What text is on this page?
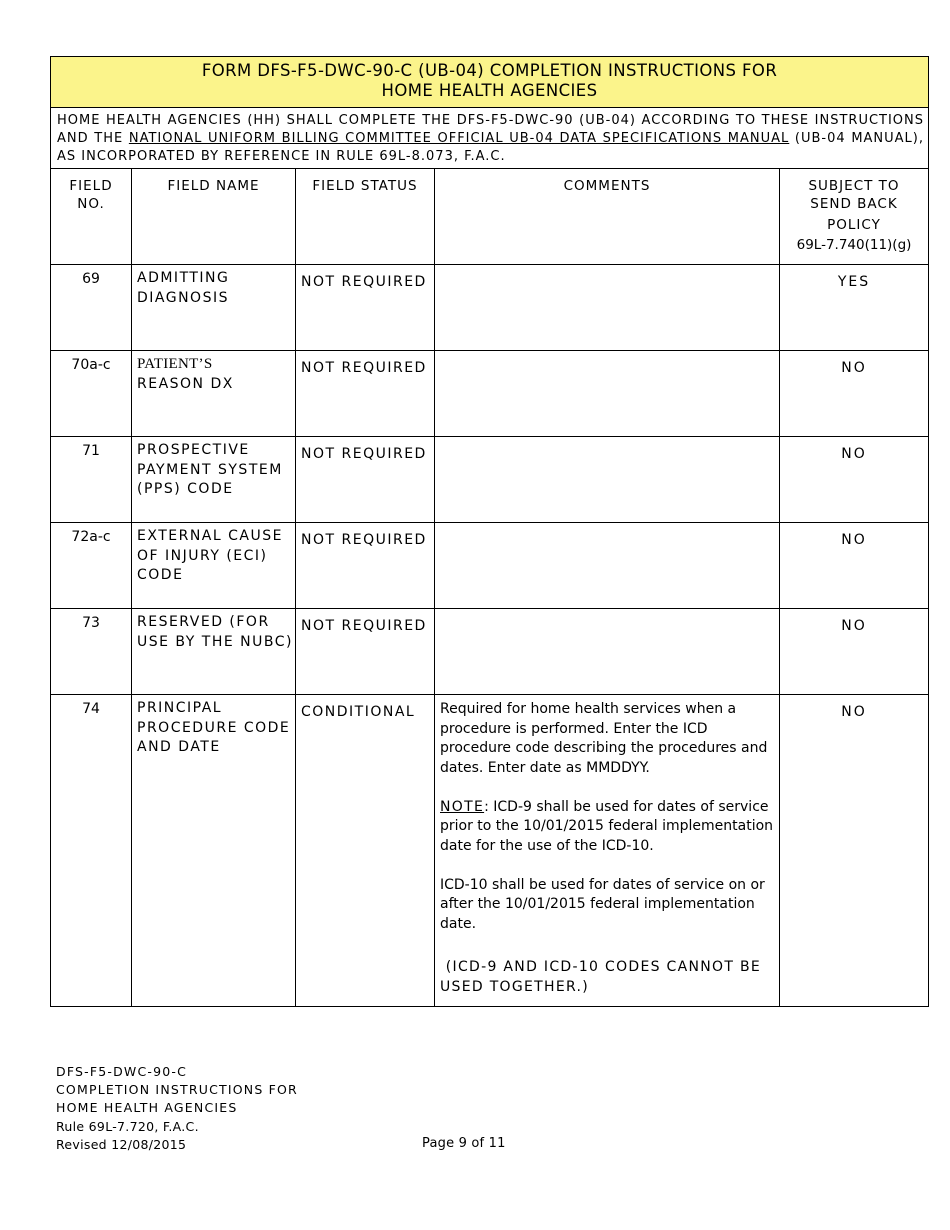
FORM DFS-F5-DWC-90-C (UB-04) COMPLETION INSTRUCTIONS FOR
HOME HEALTH AGENCIES				

HOME HEALTH AGENCIES (HH) SHALL COMPLETE THE DFS-F5-DWC-90 (UB-04) ACCORDING TO THESE INSTRUCTIONS AND THE NATIONAL UNIFORM BILLING COMMITTEE OFFICIAL UB-04 DATA SPECIFICATIONS MANUAL (UB-04 MANUAL), AS INCORPORATED BY REFERENCE IN RULE 69L-8.073, F.A.C.				

FIELD NO.	FIELD NAME	FIELD STATUS	COMMENTS	SUBJECT TO SEND BACK
POLICY
69L-7.740(11)(g)

69	ADMITTING DIAGNOSIS	NOT REQUIRED		YES
70a-c	PATIENT’S
REASON DX	NOT REQUIRED		NO
71	PROSPECTIVE PAYMENT SYSTEM (PPS) CODE	NOT REQUIRED		NO
72a-c	EXTERNAL CAUSE OF INJURY (ECI) CODE	NOT REQUIRED		NO
73	RESERVED (FOR USE BY THE NUBC)	NOT REQUIRED		NO
74	PRINCIPAL PROCEDURE CODE AND DATE	CONDITIONAL	Required for home health services when a procedure is performed. Enter the ICD procedure code describing the procedures and dates. Enter date as MMDDYY.

NOTE: ICD-9 shall be used for dates of service prior to the 10/01/2015 federal implementation date for the use of the ICD-10.

ICD-10 shall be used for dates of service on or after the 10/01/2015 federal implementation date.

(ICD-9 AND ICD-10 CODES CANNOT BE USED TOGETHER.)	NO
DFS-F5-DWC-90-C
COMPLETION INSTRUCTIONS FOR
HOME HEALTH AGENCIES
Rule 69L-7.720, F.A.C.
Revised 12/08/2015	Page 9 of 11
